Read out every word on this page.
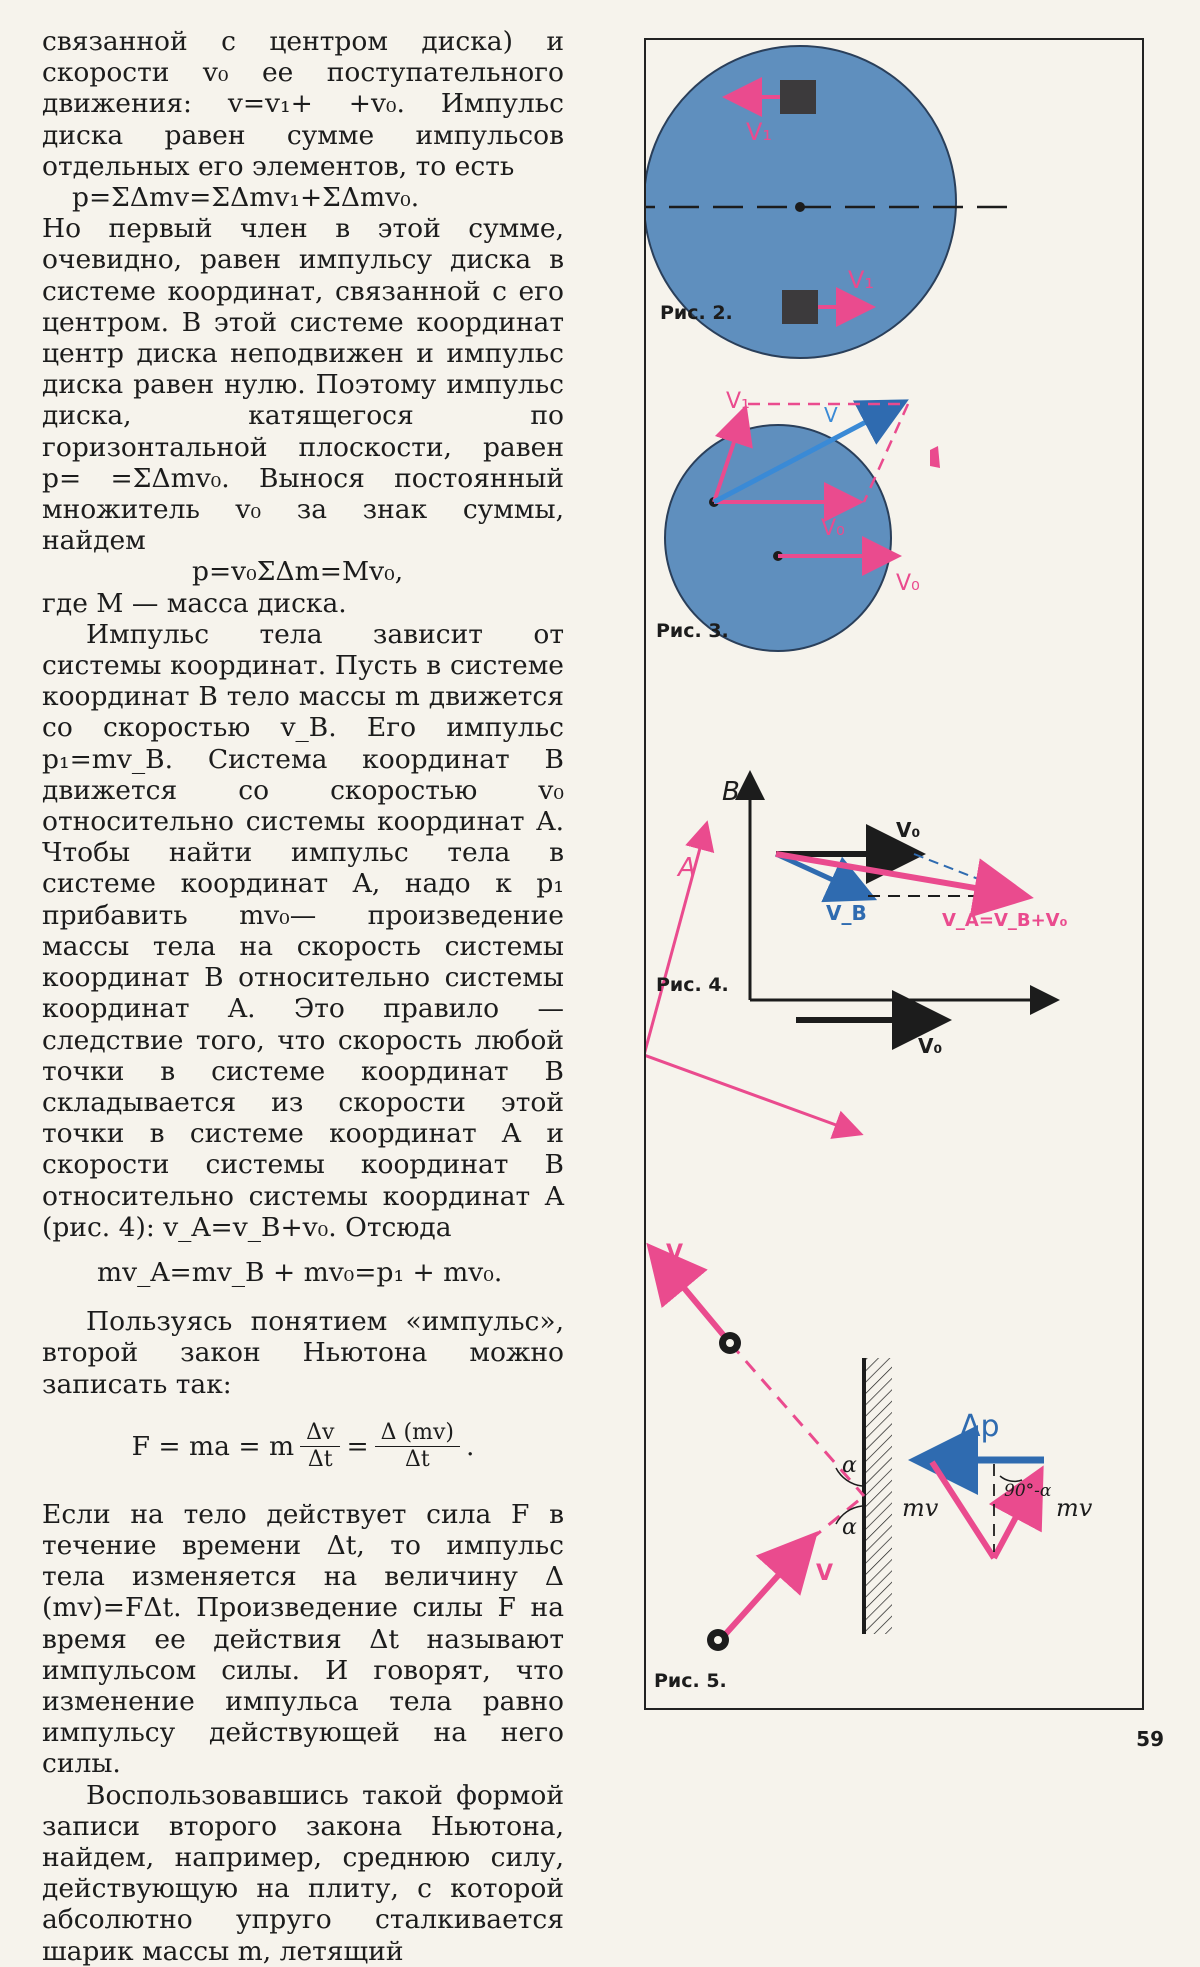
связанной с центром диска) и скорости v₀ ее поступательного движения: v=v₁+ +v₀. Импульс диска равен сумме импульсов отдельных его элементов, то есть

p=ΣΔmv=ΣΔmv₁+ΣΔmv₀.

Но первый член в этой сумме, очевидно, равен импульсу диска в системе координат, связанной с его центром. В этой системе координат центр диска неподвижен и импульс диска равен нулю. Поэтому импульс диска, катящегося по горизонтальной плоскости, равен p= =ΣΔmv₀. Вынося постоянный множитель v₀ за знак суммы, найдем

p=v₀ΣΔm=Mv₀,

где M — масса диска.

Импульс тела зависит от системы координат. Пусть в системе координат B тело массы m движется со скоростью v_B. Его импульс p₁=mv_B. Система координат B движется со скоростью v₀ относительно системы координат A. Чтобы найти импульс тела в системе координат A, надо к p₁ прибавить mv₀— произведение массы тела на скорость системы координат B относительно системы координат A. Это правило — следствие того, что скорость любой точки в системе координат B складывается из скорости этой точки в системе координат A и скорости системы координат B относительно системы координат A (рис. 4): v_A=v_B+v₀. Отсюда

mv_A=mv_B + mv₀=p₁ + mv₀.

Пользуясь понятием «импульс», второй закон Ньютона можно записать так:

F = ma = m $\frac{\Delta v}{\Delta t} = \frac{\Delta (mv)}{\Delta t}$ .

Если на тело действует сила F в течение времени Δt, то импульс тела изменяется на величину Δ (mv)=FΔt. Произведение силы F на время ее действия Δt называют импульсом силы. И говорят, что изменение импульса тела равно импульсу действующей на него силы.

Воспользовавшись такой формой записи второго закона Ньютона, найдем, например, среднюю силу, действующую на плиту, с которой абсолютно упруго сталкивается шарик массы m, летящий

V₁
V₁
V₁
V
V₀
V₀
A
B
V₀
V_B	V_A=V_B+V₀
V₀
V
V
α
α
Δp
90°-α
mv	mv
Рис. 2.
Рис. 3.
Рис. 4.
Рис. 5.
59
